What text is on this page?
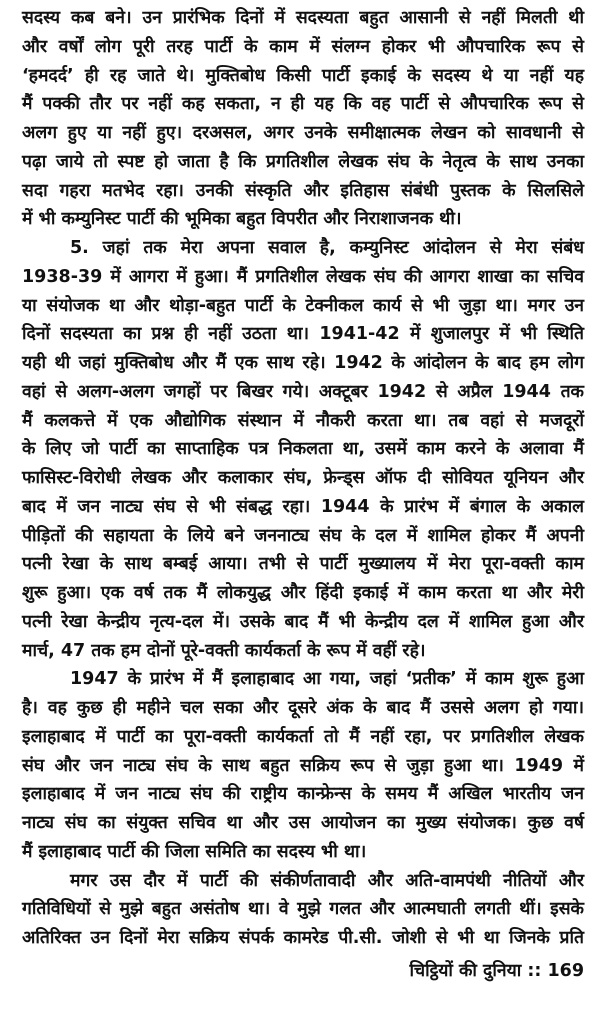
सदस्य कब बने। उन प्रारंभिक दिनों में सदस्यता बहुत आसानी से नहीं मिलती थी
और वर्षों लोग पूरी तरह पार्टी के काम में संलग्न होकर भी औपचारिक रूप से
‘हमदर्द’ ही रह जाते थे। मुक्तिबोध किसी पार्टी इकाई के सदस्य थे या नहीं यह
मैं पक्की तौर पर नहीं कह सकता, न ही यह कि वह पार्टी से औपचारिक रूप से
अलग हुए या नहीं हुए। दरअसल, अगर उनके समीक्षात्मक लेखन को सावधानी से
पढ़ा जाये तो स्पष्ट हो जाता है कि प्रगतिशील लेखक संघ के नेतृत्व के साथ उनका
सदा गहरा मतभेद रहा। उनकी संस्कृति और इतिहास संबंधी पुस्तक के सिलसिले
में भी कम्युनिस्ट पार्टी की भूमिका बहुत विपरीत और निराशाजनक थी।
5. जहां तक मेरा अपना सवाल है, कम्युनिस्ट आंदोलन से मेरा संबंध
1938-39 में आगरा में हुआ। मैं प्रगतिशील लेखक संघ की आगरा शाखा का सचिव
या संयोजक था और थोड़ा-बहुत पार्टी के टेक्नीकल कार्य से भी जुड़ा था। मगर उन
दिनों सदस्यता का प्रश्न ही नहीं उठता था। 1941-42 में शुजालपुर में भी स्थिति
यही थी जहां मुक्तिबोध और मैं एक साथ रहे। 1942 के आंदोलन के बाद हम लोग
वहां से अलग-अलग जगहों पर बिखर गये। अक्टूबर 1942 से अप्रैल 1944 तक
मैं कलकत्ते में एक औद्योगिक संस्थान में नौकरी करता था। तब वहां से मजदूरों
के लिए जो पार्टी का साप्ताहिक पत्र निकलता था, उसमें काम करने के अलावा मैं
फासिस्ट-विरोधी लेखक और कलाकार संघ, फ्रेन्ड्स ऑफ दी सोवियत यूनियन और
बाद में जन नाट्य संघ से भी संबद्ध रहा। 1944 के प्रारंभ में बंगाल के अकाल
पीड़ितों की सहायता के लिये बने जननाट्य संघ के दल में शामिल होकर मैं अपनी
पत्नी रेखा के साथ बम्बई आया। तभी से पार्टी मुख्यालय में मेरा पूरा-वक्ती काम
शुरू हुआ। एक वर्ष तक मैं लोकयुद्ध और हिंदी इकाई में काम करता था और मेरी
पत्नी रेखा केन्द्रीय नृत्य-दल में। उसके बाद मैं भी केन्द्रीय दल में शामिल हुआ और
मार्च, 47 तक हम दोनों पूरे-वक्ती कार्यकर्ता के रूप में वहीं रहे।
1947 के प्रारंभ में मैं इलाहाबाद आ गया, जहां ‘प्रतीक’ में काम शुरू हुआ
है। वह कुछ ही महीने चल सका और दूसरे अंक के बाद मैं उससे अलग हो गया।
इलाहाबाद में पार्टी का पूरा-वक्ती कार्यकर्ता तो मैं नहीं रहा, पर प्रगतिशील लेखक
संघ और जन नाट्य संघ के साथ बहुत सक्रिय रूप से जुड़ा हुआ था। 1949 में
इलाहाबाद में जन नाट्य संघ की राष्ट्रीय कान्फ्रेन्स के समय मैं अखिल भारतीय जन
नाट्य संघ का संयुक्त सचिव था और उस आयोजन का मुख्य संयोजक। कुछ वर्ष
मैं इलाहाबाद पार्टी की जिला समिति का सदस्य भी था।
मगर उस दौर में पार्टी की संकीर्णतावादी और अति-वामपंथी नीतियों और
गतिविधियों से मुझे बहुत असंतोष था। वे मुझे गलत और आत्मघाती लगती थीं। इसके
अतिरिक्त उन दिनों मेरा सक्रिय संपर्क कामरेड पी.सी. जोशी से भी था जिनके प्रति
चिट्ठियों की दुनिया :: 169
